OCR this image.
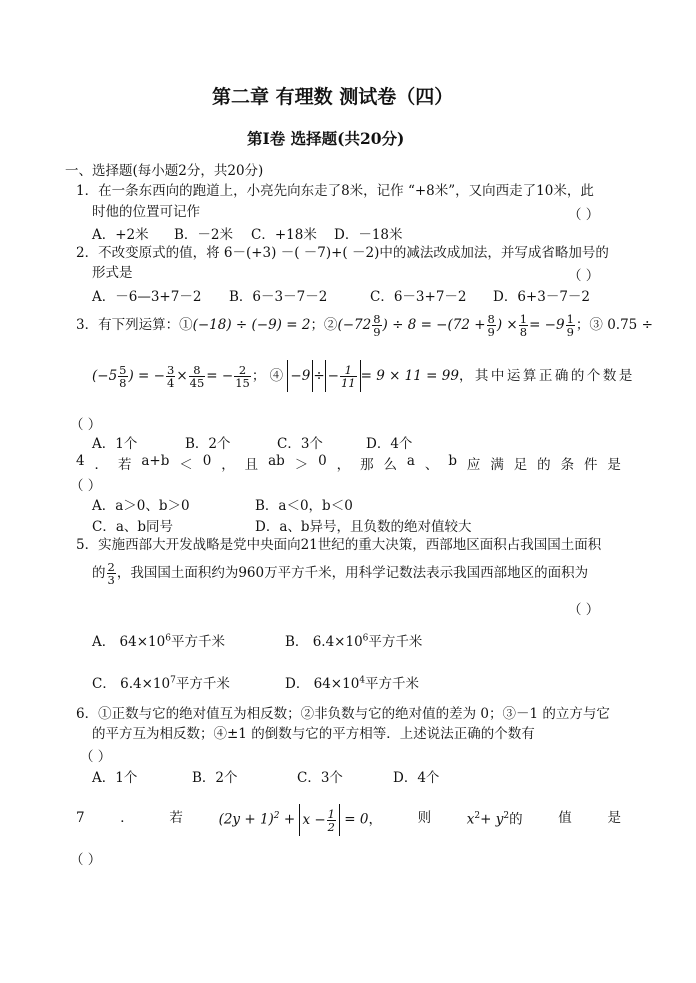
第二章 有理数 测试卷（四）
第Ⅰ卷 选择题(共20分)
一、选择题(每小题2分，共20分)
1．在一条东西向的跑道上，小亮先向东走了8米，记作 “+8米”，又向西走了10米，此
时他的位置可记作	（ ）
A．+2米 B．－2米 C．+18米 D．－18米
2．不改变原式的值，将 6－(+3) －( －7)+( －2)中的减法改成加法，并写成省略加号的
形式是	（ ）
A．－6—3+7－2 B．6－3－7－2	C．6－3+7－2 D．6+3－7－2
3．有下列运算：①(−18) ÷ (−9) = 2；②(−72 $\frac{8}{9}$ ) ÷ $8 = -(72 + \frac{8}{9}$ ) × $\frac{1}{8} = -9 \frac{1}{9}$ ；③ 0.75 ÷
($-5 \frac{5}{8}$ ) = − $\frac{3}{4} \times \frac{8}{45}$ = − $\frac{2}{15}$ ； ④ −9 ÷ − $\frac{1}{11} = 9 \times 11 = 99$，其中运算正确的个数是
（ ）
A．1个	B．2个	C．3个	D．4个
4 ． 若 a+b ＜ 0 ， 且 ab ＞ 0 ， 那 么 a 、 b 应 满 足 的 条 件 是
（ ）
A．a＞0、b＞0	B．a＜0，b＜0
C．a、b同号	D．a、b异号，且负数的绝对值较大
5．实施西部大开发战略是党中央面向21世纪的重大决策，西部地区面积占我国国土面积
的 $\frac{2}{3}$ ，我国国土面积约为960万平方千米，用科学记数法表示我国西部地区的面积为
（ ）
A． $64\times 10^6$平方千米	B． $6.4\times 10^6$平方千米
C． $6.4\times 10^7$平方千米	D． $64\times 10^4$平方千米
6．①正数与它的绝对值互为相反数；②非负数与它的绝对值的差为 0；③－1 的立方与它
的平方互为相反数；④±1 的倒数与它的平方相等．上述说法正确的个数有
（ ）
A．1个	B．2个	C．3个	D．4个
7	．	若	$(2y + 1)^2 + x - \frac{1}{2} = 0$，	则	$x^2+ y^2$的	值	是
（ ）
